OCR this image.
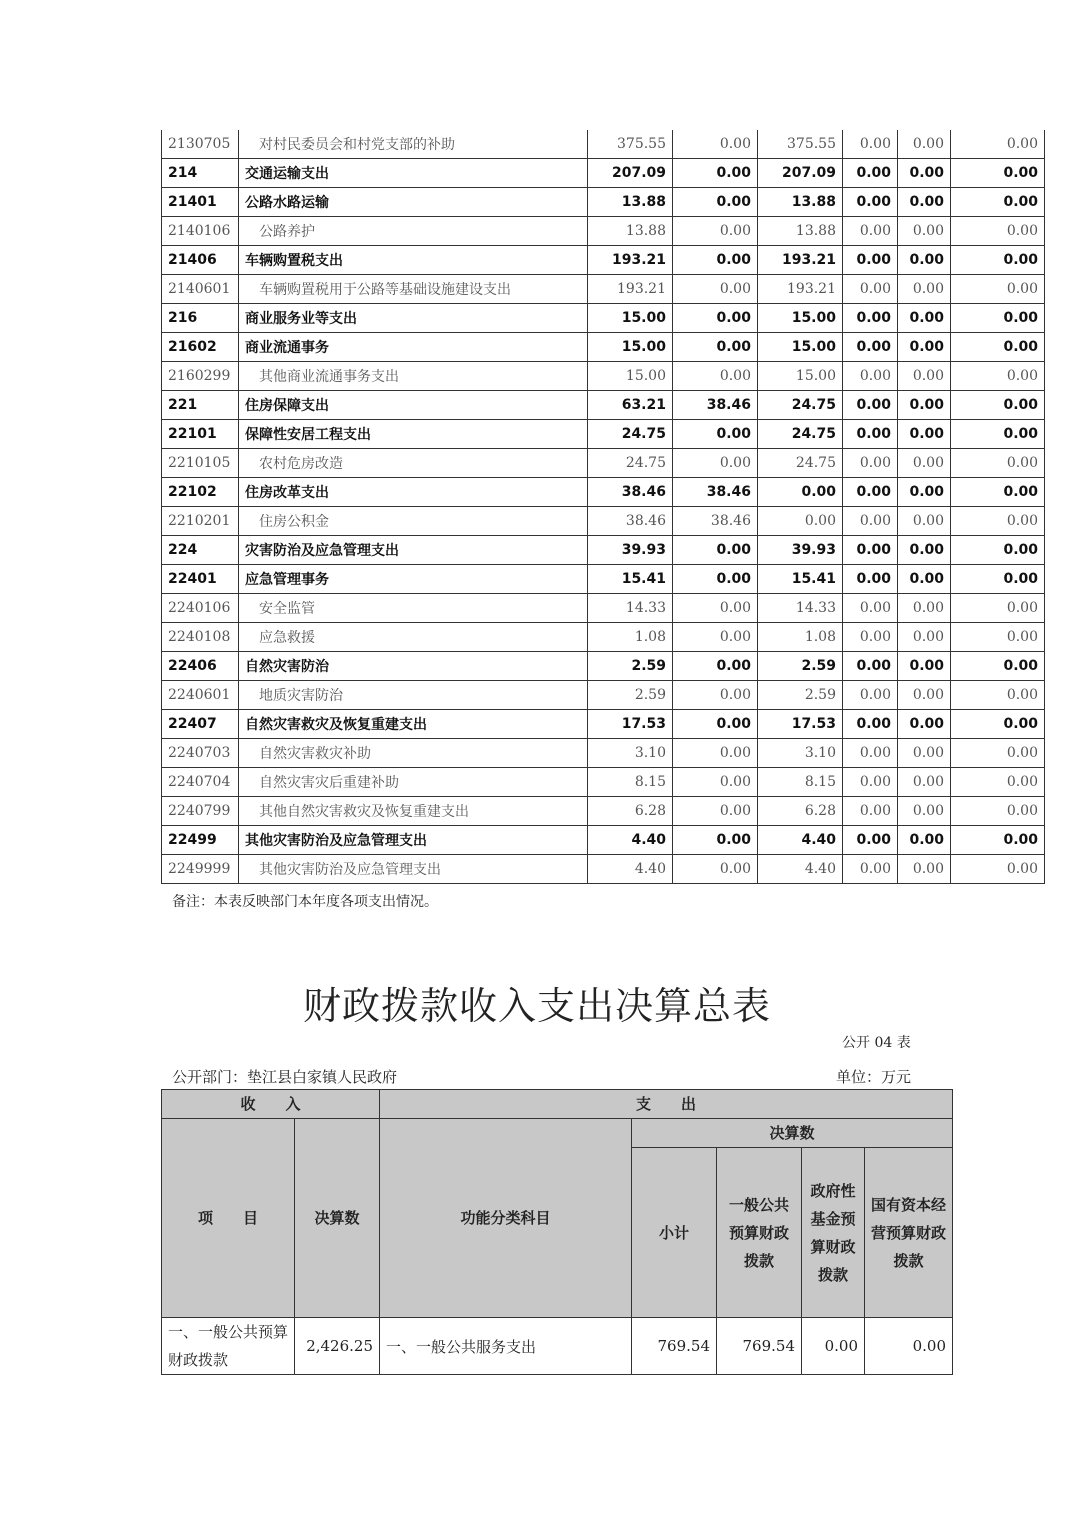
2130705	对村民委员会和村党支部的补助	375.55	0.00	375.55	0.00	0.00	0.00
214	交通运输支出	207.09	0.00	207.09	0.00	0.00	0.00
21401	公路水路运输	13.88	0.00	13.88	0.00	0.00	0.00
2140106	公路养护	13.88	0.00	13.88	0.00	0.00	0.00
21406	车辆购置税支出	193.21	0.00	193.21	0.00	0.00	0.00
2140601	车辆购置税用于公路等基础设施建设支出	193.21	0.00	193.21	0.00	0.00	0.00
216	商业服务业等支出	15.00	0.00	15.00	0.00	0.00	0.00
21602	商业流通事务	15.00	0.00	15.00	0.00	0.00	0.00
2160299	其他商业流通事务支出	15.00	0.00	15.00	0.00	0.00	0.00
221	住房保障支出	63.21	38.46	24.75	0.00	0.00	0.00
22101	保障性安居工程支出	24.75	0.00	24.75	0.00	0.00	0.00
2210105	农村危房改造	24.75	0.00	24.75	0.00	0.00	0.00
22102	住房改革支出	38.46	38.46	0.00	0.00	0.00	0.00
2210201	住房公积金	38.46	38.46	0.00	0.00	0.00	0.00
224	灾害防治及应急管理支出	39.93	0.00	39.93	0.00	0.00	0.00
22401	应急管理事务	15.41	0.00	15.41	0.00	0.00	0.00
2240106	安全监管	14.33	0.00	14.33	0.00	0.00	0.00
2240108	应急救援	1.08	0.00	1.08	0.00	0.00	0.00
22406	自然灾害防治	2.59	0.00	2.59	0.00	0.00	0.00
2240601	地质灾害防治	2.59	0.00	2.59	0.00	0.00	0.00
22407	自然灾害救灾及恢复重建支出	17.53	0.00	17.53	0.00	0.00	0.00
2240703	自然灾害救灾补助	3.10	0.00	3.10	0.00	0.00	0.00
2240704	自然灾害灾后重建补助	8.15	0.00	8.15	0.00	0.00	0.00
2240799	其他自然灾害救灾及恢复重建支出	6.28	0.00	6.28	0.00	0.00	0.00
22499	其他灾害防治及应急管理支出	4.40	0.00	4.40	0.00	0.00	0.00
2249999	其他灾害防治及应急管理支出	4.40	0.00	4.40	0.00	0.00	0.00
备注：本表反映部门本年度各项支出情况。
财政拨款收入支出决算总表
公开 04 表
公开部门：垫江县白家镇人民政府	单位：万元
收　　入		支　　出				
项　　目	决算数	功能分类科目	决算数			
			小计	一般公共预算财政拨款	政府性基金预算财政拨款	国有资本经营预算财政拨款
一、一般公共预算财政拨款	2,426.25	一、一般公共服务支出	769.54	769.54	0.00	0.00
